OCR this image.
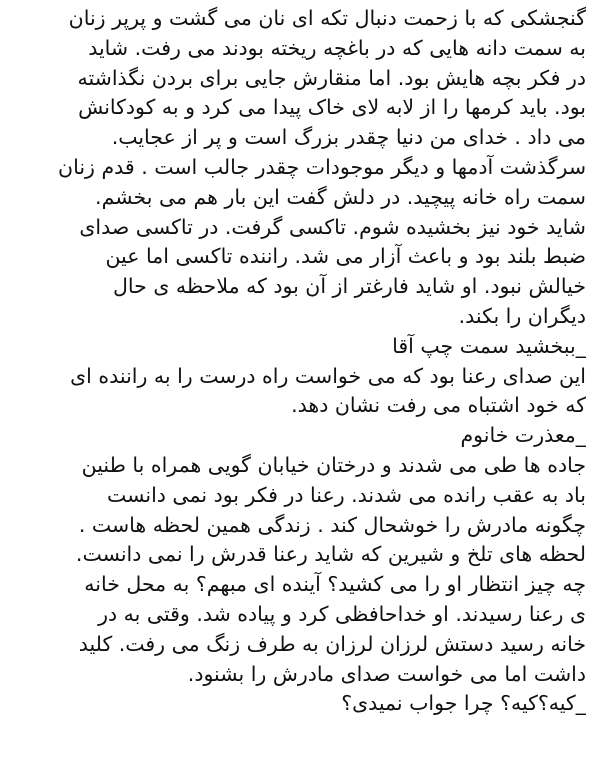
گنجشکی که با زحمت دنبال تکه ای نان می گشت و پرپر زنان
به سمت دانه هایی که در باغچه ریخته بودند می رفت. شاید
در فکر بچه هایش بود. اما منقارش جایی برای بردن نگذاشته
بود. باید کرمها را از لابه لای خاک پیدا می کرد و به کودکانش
می داد . خدای من دنیا چقدر بزرگ است و پر از عجایب.
سرگذشت آدمها و دیگر موجودات چقدر جالب است . قدم زنان
سمت راه خانه پیچید. در دلش گفت این بار هم می بخشم.
شاید خود نیز بخشیده شوم. تاکسی گرفت. در تاکسی صدای
ضبط بلند بود و باعث آزار می شد. راننده تاکسی اما عین
خیالش نبود. او شاید فارغتر از آن بود که ملاحظه ی حال
دیگران را بکند.
_ببخشید سمت چپ آقا
این صدای رعنا بود که می خواست راه درست را به راننده ای
که خود اشتباه می رفت نشان دهد.
_معذرت خانوم
جاده ها طی می شدند و درختان خیابان گویی همراه با طنین
باد به عقب رانده می شدند. رعنا در فکر بود نمی دانست
چگونه مادرش را خوشحال کند . زندگی همین لحظه هاست .
لحظه های تلخ و شیرین که شاید رعنا قدرش را نمی دانست.
چه چیز انتظار او را می کشید؟ آینده ای مبهم؟ به محل خانه
ی رعنا رسیدند. او خداحافظی کرد و پیاده شد. وقتی به در
خانه رسید دستش لرزان لرزان به طرف زنگ می رفت. کلید
داشت اما می خواست صدای مادرش را بشنود.
_کیه؟کیه؟ چرا جواب نمیدی؟
